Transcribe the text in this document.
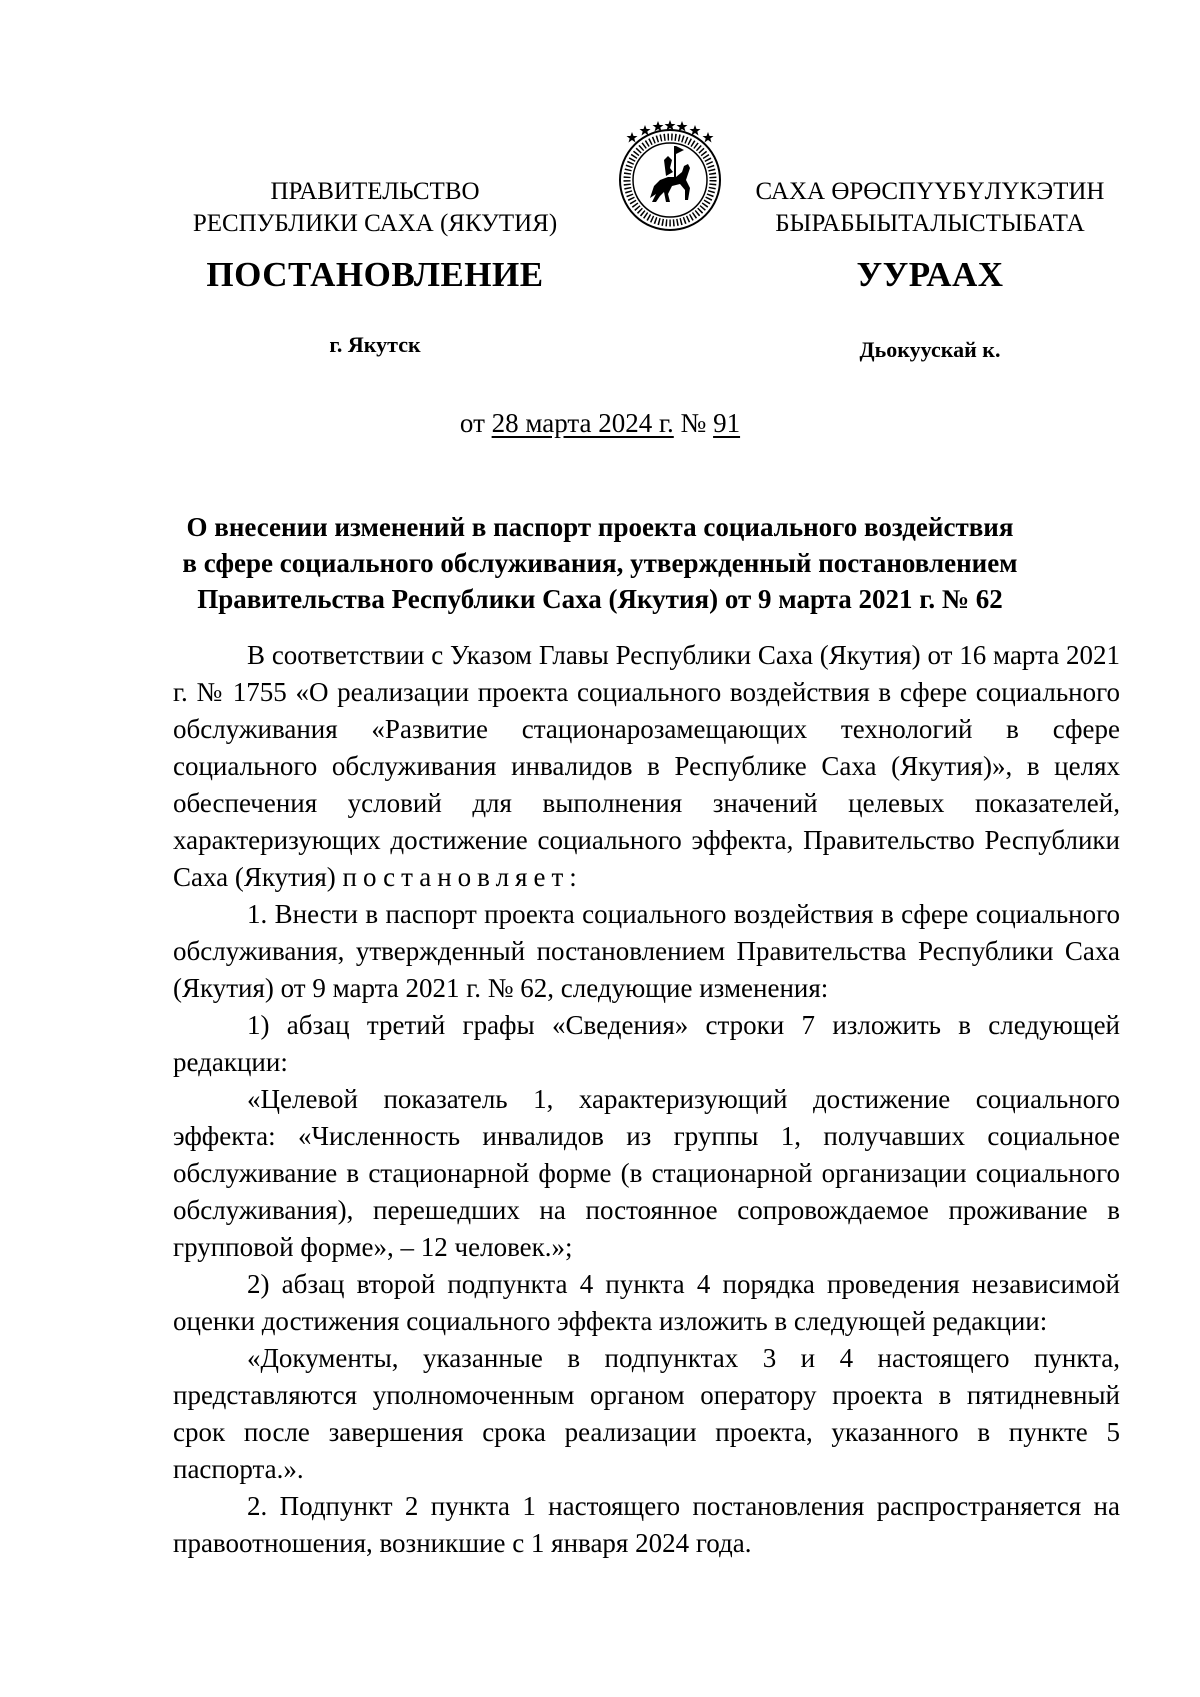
ПРАВИТЕЛЬСТВО
РЕСПУБЛИКИ САХА (ЯКУТИЯ)
САХА ӨРӨСПҮҮБҮЛҮКЭТИН
БЫРАБЫЫТАЛЫСТЫБАТА
ПОСТАНОВЛЕНИЕ	УУРААХ
г. Якутск	Дьокуускай к.
от 28 марта 2024 г. № 91
О внесении изменений в паспорт проекта социального воздействия
в сфере социального обслуживания, утвержденный постановлением
Правительства Республики Саха (Якутия) от 9 марта 2021 г. № 62

В соответствии с Указом Главы Республики Саха (Якутия) от 16 марта 2021 г. № 1755 «О реализации проекта социального воздействия в сфере социального обслуживания «Развитие стационарозамещающих технологий в сфере социального обслуживания инвалидов в Республике Саха (Якутия)», в целях обеспечения условий для выполнения значений целевых показателей, характеризующих достижение социального эффекта, Правительство Республики Саха (Якутия) постановляет:

1. Внести в паспорт проекта социального воздействия в сфере социального обслуживания, утвержденный постановлением Правительства Республики Саха (Якутия) от 9 марта 2021 г. № 62, следующие изменения:

1) абзац третий графы «Сведения» строки 7 изложить в следующей редакции:

«Целевой показатель 1, характеризующий достижение социального эффекта: «Численность инвалидов из группы 1, получавших социальное обслуживание в стационарной форме (в стационарной организации социального обслуживания), перешедших на постоянное сопровождаемое проживание в групповой форме», – 12 человек.»;

2) абзац второй подпункта 4 пункта 4 порядка проведения независимой оценки достижения социального эффекта изложить в следующей редакции:

«Документы, указанные в подпунктах 3 и 4 настоящего пункта, представляются уполномоченным органом оператору проекта в пятидневный срок после завершения срока реализации проекта, указанного в пункте 5 паспорта.».

2. Подпункт 2 пункта 1 настоящего постановления распространяется на правоотношения, возникшие с 1 января 2024 года.
